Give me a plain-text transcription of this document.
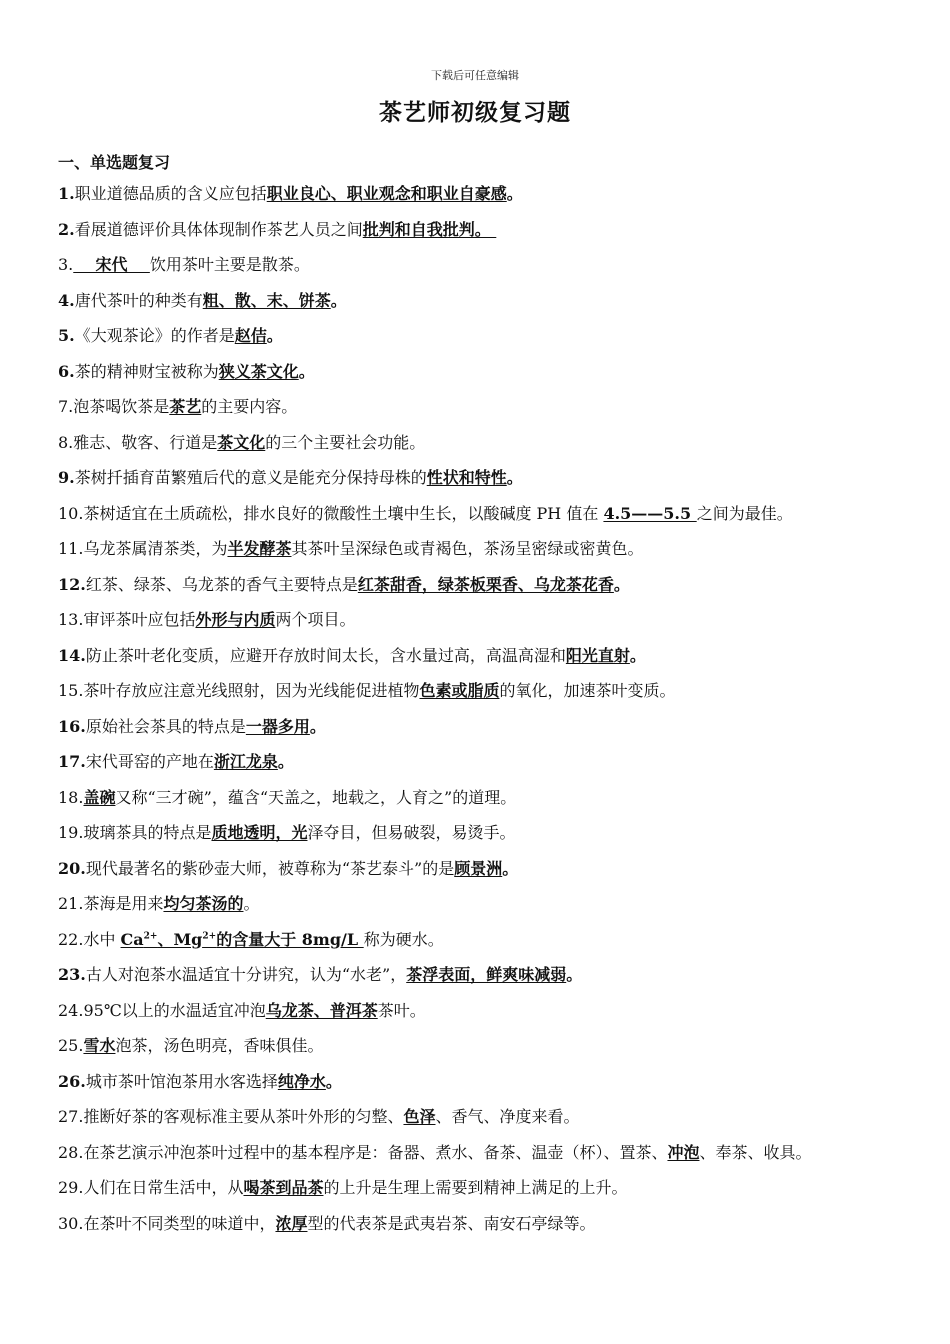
下载后可任意编辑
茶艺师初级复习题
一、单选题复习

1.职业道德品质的含义应包括职业良心、职业观念和职业自豪感。

2.看展道德评价具体体现制作茶艺人员之间批判和自我批判。

3.    宋代    饮用茶叶主要是散茶。

4.唐代茶叶的种类有粗、散、末、饼茶。

5.《大观茶论》的作者是赵佶。

6.茶的精神财宝被称为狭义茶文化。

7.泡茶喝饮茶是茶艺的主要内容。

8.雅志、敬客、行道是茶文化的三个主要社会功能。

9.茶树扦插育苗繁殖后代的意义是能充分保持母株的性状和特性。

10.茶树适宜在土质疏松，排水良好的微酸性土壤中生长，以酸碱度 PH 值在 4.5——5.5 之间为最佳。

11.乌龙茶属清茶类，为半发酵茶其茶叶呈深绿色或青褐色，茶汤呈密绿或密黄色。

12.红茶、绿茶、乌龙茶的香气主要特点是红茶甜香，绿茶板栗香、乌龙茶花香。

13.审评茶叶应包括外形与内质两个项目。

14.防止茶叶老化变质，应避开存放时间太长，含水量过高，高温高湿和阳光直射。

15.茶叶存放应注意光线照射，因为光线能促进植物色素或脂质的氧化，加速茶叶变质。

16.原始社会茶具的特点是一器多用。

17.宋代哥窑的产地在浙江龙泉。

18.盖碗又称“三才碗”，蕴含“天盖之，地载之，人育之”的道理。

19.玻璃茶具的特点是质地透明，光泽夺目，但易破裂，易烫手。

20.现代最著名的紫砂壶大师，被尊称为“茶艺泰斗”的是顾景洲。

21.茶海是用来均匀茶汤的。

22.水中 $Ca^{2+}$、$Mg^{2+}$的含量大于 8mg/L 称为硬水。

23.古人对泡茶水温适宜十分讲究，认为“水老”，茶浮表面，鲜爽味减弱。

24.95℃以上的水温适宜冲泡乌龙茶、普洱茶茶叶。

25.雪水泡茶，汤色明亮，香味俱佳。

26.城市茶叶馆泡茶用水客选择纯净水。

27.推断好茶的客观标准主要从茶叶外形的匀整、色泽、香气、净度来看。

28.在茶艺演示冲泡茶叶过程中的基本程序是：备器、煮水、备茶、温壶（杯）、置茶、冲泡、奉茶、收具。

29.人们在日常生活中，从喝茶到品茶的上升是生理上需要到精神上满足的上升。

30.在茶叶不同类型的味道中，浓厚型的代表茶是武夷岩茶、南安石亭绿等。
